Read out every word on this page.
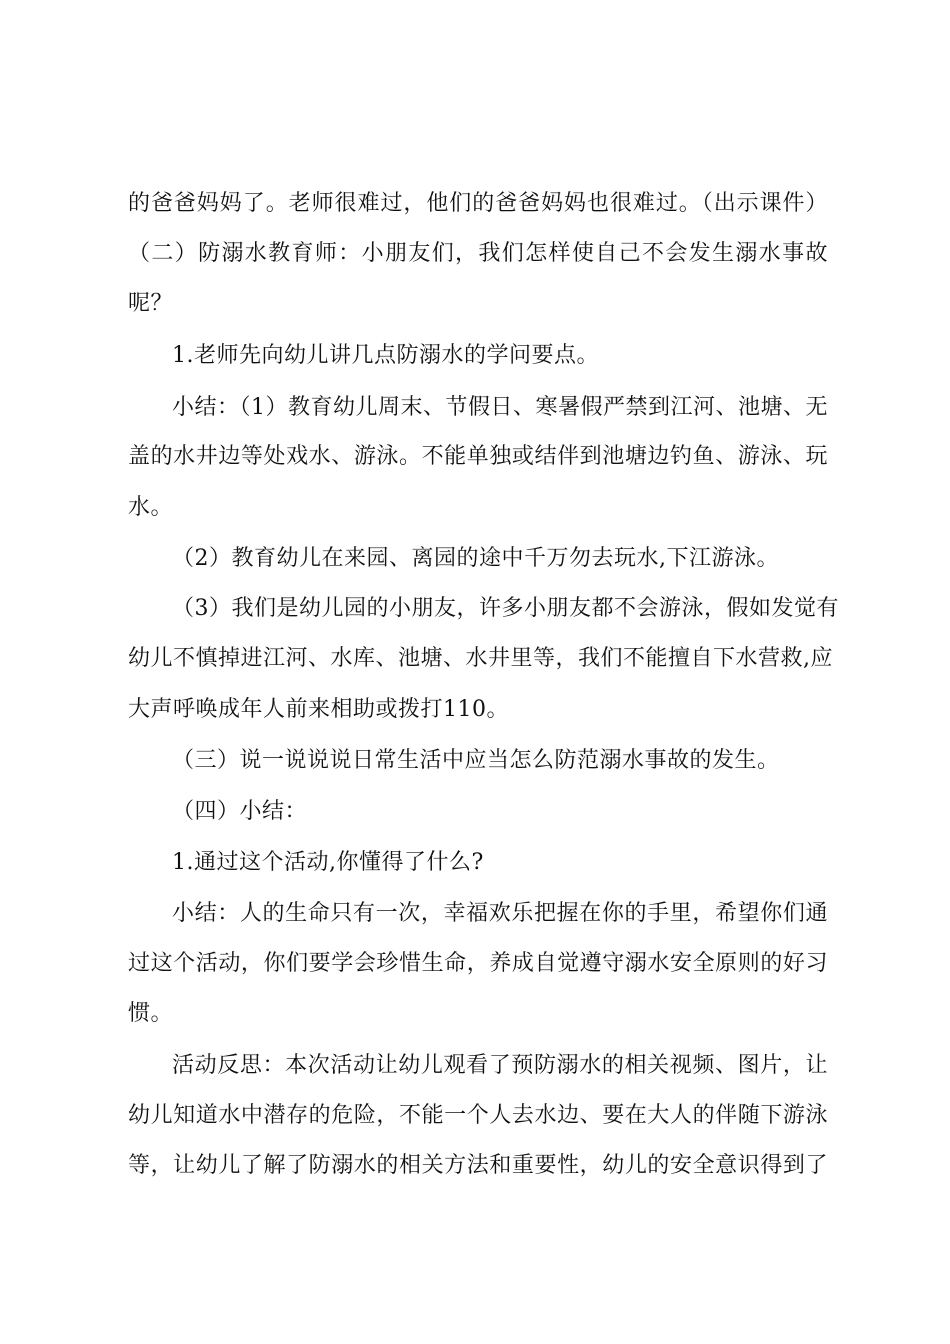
的爸爸妈妈了。老师很难过，他们的爸爸妈妈也很难过。（出示课件）
（二）防溺水教育师：小朋友们，我们怎样使自己不会发生溺水事故
呢？
1.老师先向幼儿讲几点防溺水的学问要点。
小结：（1）教育幼儿周末、节假日、寒暑假严禁到江河、池塘、无
盖的水井边等处戏水、游泳。不能单独或结伴到池塘边钓鱼、游泳、玩
水。
（2）教育幼儿在来园、离园的途中千万勿去玩水,下江游泳。
（3）我们是幼儿园的小朋友，许多小朋友都不会游泳，假如发觉有
幼儿不慎掉进江河、水库、池塘、水井里等，我们不能擅自下水营救,应
大声呼唤成年人前来相助或拨打110。
（三）说一说说说日常生活中应当怎么防范溺水事故的发生。
（四）小结：
1.通过这个活动,你懂得了什么?
小结：人的生命只有一次，幸福欢乐把握在你的手里，希望你们通
过这个活动，你们要学会珍惜生命，养成自觉遵守溺水安全原则的好习
惯。
活动反思：本次活动让幼儿观看了预防溺水的相关视频、图片，让
幼儿知道水中潜存的危险，不能一个人去水边、要在大人的伴随下游泳
等，让幼儿了解了防溺水的相关方法和重要性，幼儿的安全意识得到了
